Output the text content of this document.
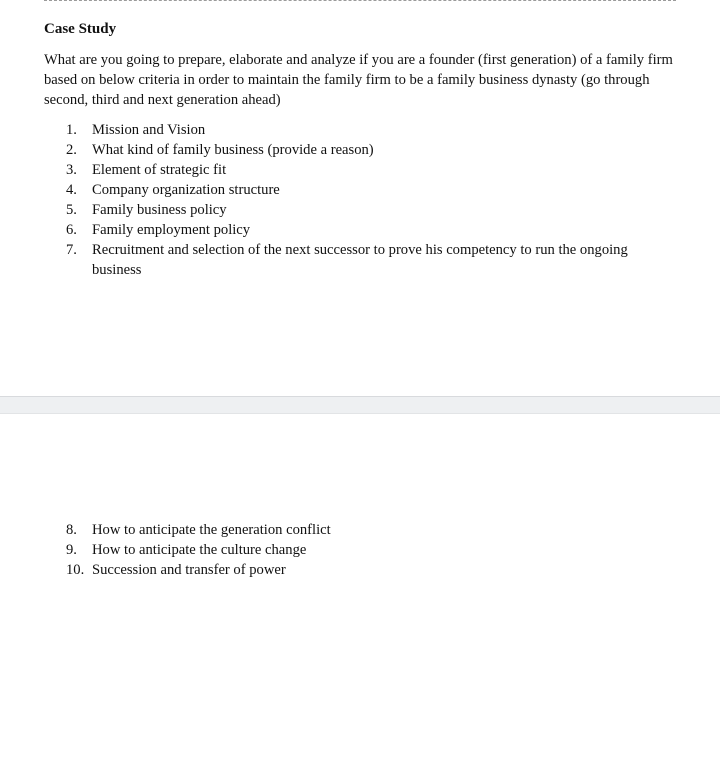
Case Study

What are you going to prepare, elaborate and analyze if you are a founder (first generation) of a family firm based on below criteria in order to maintain the family firm to be a family business dynasty (go through second, third and next generation ahead)

1.	Mission and Vision
2.	What kind of family business (provide a reason)
3.	Element of strategic fit
4.	Company organization structure
5.	Family business policy
6.	Family employment policy
7.	Recruitment and selection of the next successor to prove his competency to run the ongoing business
8.	How to anticipate the generation conflict
9.	How to anticipate the culture change
10. Succession and transfer of power
